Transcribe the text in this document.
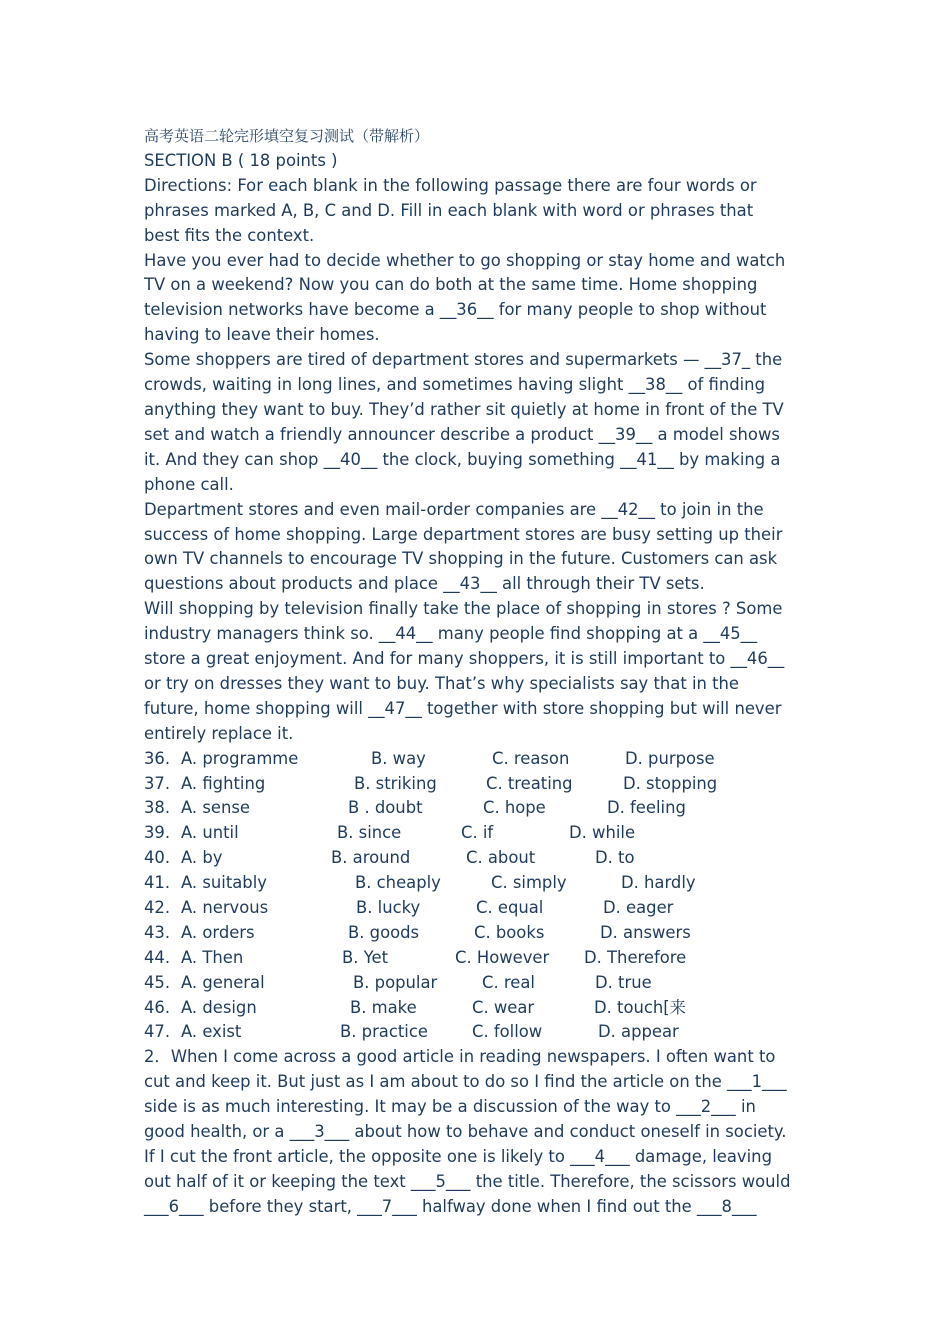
高考英语二轮完形填空复习测试（带解析）
SECTION B ( 18 points )
Directions: For each blank in the following passage there are four words or
phrases marked A, B, C and D. Fill in each blank with word or phrases that
best fits the context.
Have you ever had to decide whether to go shopping or stay home and watch
TV on a weekend? Now you can do both at the same time. Home shopping
television networks have become a __36__ for many people to shop without
having to leave their homes.
Some shoppers are tired of department stores and supermarkets — __37_ the
crowds, waiting in long lines, and sometimes having slight __38__ of finding
anything they want to buy. They’d rather sit quietly at home in front of the TV
set and watch a friendly announcer describe a product __39__ a model shows
it. And they can shop __40__ the clock, buying something __41__ by making a
phone call.
Department stores and even mail-order companies are __42__ to join in the
success of home shopping. Large department stores are busy setting up their
own TV channels to encourage TV shopping in the future. Customers can ask
questions about products and place __43__ all through their TV sets.
Will shopping by television finally take the place of shopping in stores ? Some
industry managers think so. __44__ many people find shopping at a __45__
store a great enjoyment. And for many shoppers, it is still important to __46__
or try on dresses they want to buy. That’s why specialists say that in the
future, home shopping will __47__ together with store shopping but will never
entirely replace it.
36. A. programme	B. way	C. reason	D. purpose
37. A. fighting	B. striking	C. treating	D. stopping
38. A. sense	B . doubt	C. hope	D. feeling
39. A. until	B. since	C. if	D. while
40. A. by	B. around	C. about	D. to
41. A. suitably	B. cheaply	C. simply	D. hardly
42. A. nervous	B. lucky	C. equal	D. eager
43. A. orders	B. goods	C. books	D. answers
44. A. Then	B. Yet	C. However D. Therefore
45. A. general	B. popular	C. real	D. true
46. A. design	B. make	C. wear	D. touch[来
47. A. exist	B. practice	C. follow	D. appear
2．When I come across a good article in reading newspapers. I often want to
cut and keep it. But just as I am about to do so I find the article on the ___1___
side is as much interesting. It may be a discussion of the way to ___2___ in
good health, or a ___3___ about how to behave and conduct oneself in society.
If I cut the front article, the opposite one is likely to ___4___ damage, leaving
out half of it or keeping the text ___5___ the title. Therefore, the scissors would
___6___ before they start, ___7___ halfway done when I find out the ___8___
